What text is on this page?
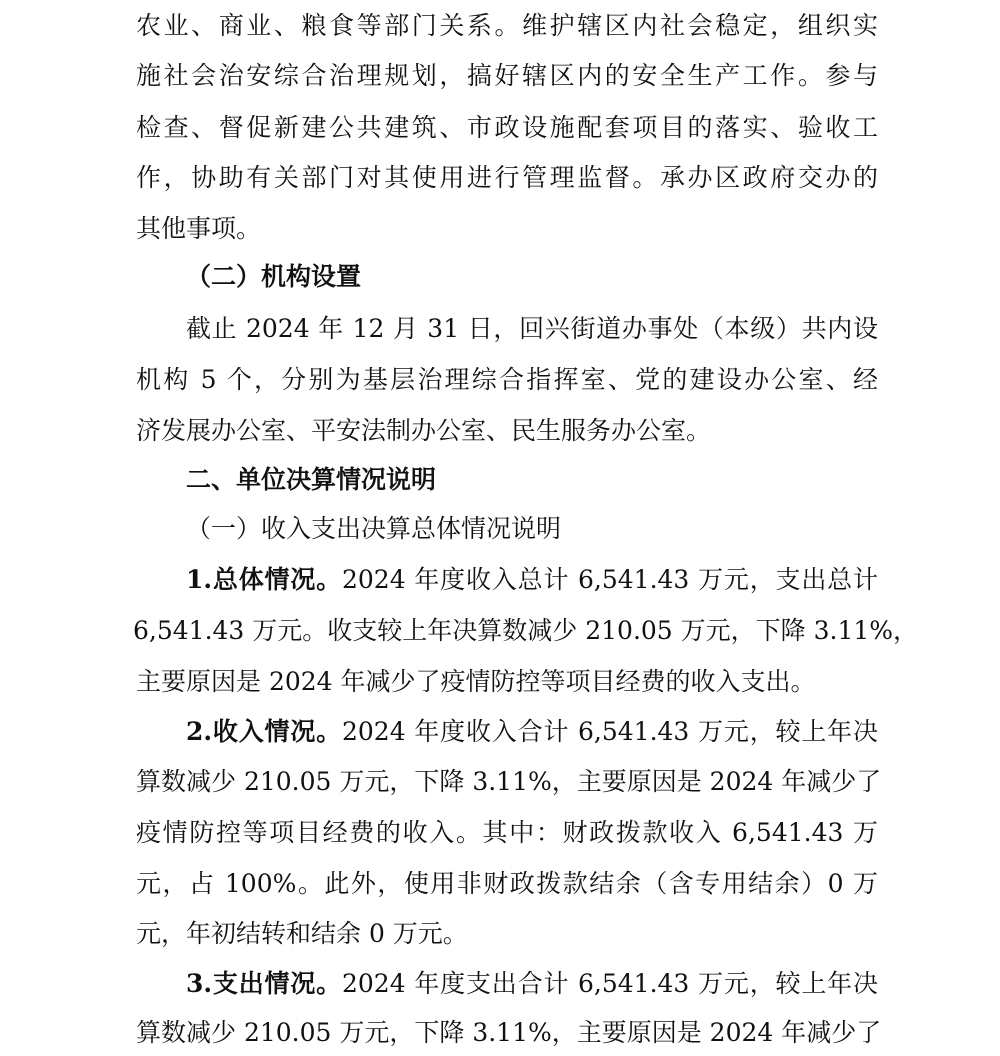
农业、商业、粮食等部门关系。维护辖区内社会稳定，组织实
施社会治安综合治理规划，搞好辖区内的安全生产工作。参与
检查、督促新建公共建筑、市政设施配套项目的落实、验收工
作，协助有关部门对其使用进行管理监督。承办区政府交办的
其他事项。
（二）机构设置
截止 2024 年 12 月 31 日，回兴街道办事处（本级）共内设
机构 5 个，分别为基层治理综合指挥室、党的建设办公室、经
济发展办公室、平安法制办公室、民生服务办公室。
二、单位决算情况说明
（一）收入支出决算总体情况说明
1.总体情况。2024 年度收入总计 6,541.43 万元，支出总计
6,541.43 万元。收支较上年决算数减少 210.05 万元，下降 3.11%，
主要原因是 2024 年减少了疫情防控等项目经费的收入支出。
2.收入情况。2024 年度收入合计 6,541.43 万元，较上年决
算数减少 210.05 万元，下降 3.11%，主要原因是 2024 年减少了
疫情防控等项目经费的收入。其中：财政拨款收入 6,541.43 万
元，占 100%。此外，使用非财政拨款结余（含专用结余）0 万
元，年初结转和结余 0 万元。
3.支出情况。2024 年度支出合计 6,541.43 万元，较上年决
算数减少 210.05 万元，下降 3.11%，主要原因是 2024 年减少了
